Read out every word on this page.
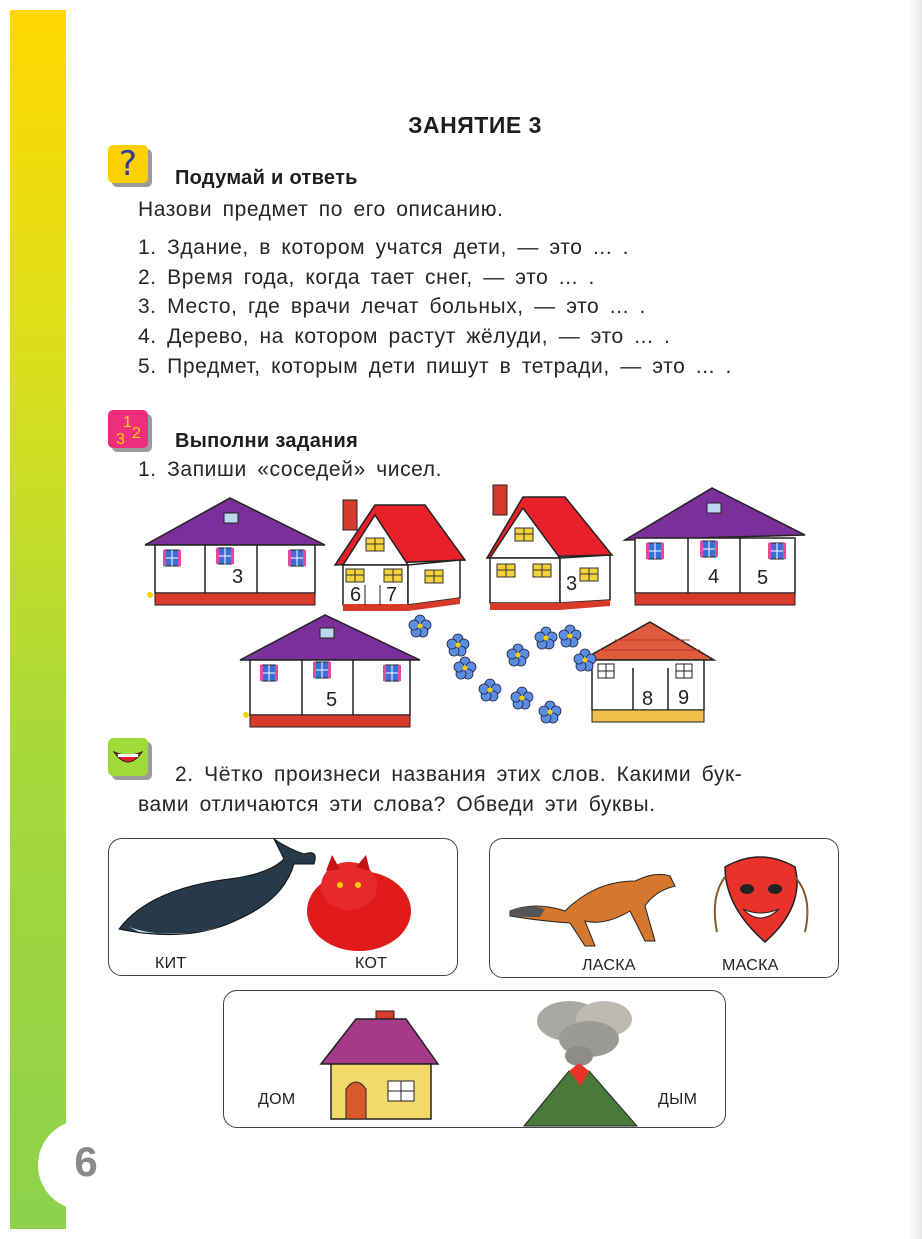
6
ЗАНЯТИЕ 3
?	Подумай и ответь
Назови предмет по его описанию.
1. Здание, в котором учатся дети, — это ... .
2. Время года, когда тает снег, — это ... .
3. Место, где врачи лечат больных, — это ... .
4. Дерево, на котором растут жёлуди, — это ... .
5. Предмет, которым дети пишут в тетради, — это ... .
3
1
2 Выполни задания
1. Запиши «соседей» чисел.
3
6 7	3	4 5
5	8 9
2. Чётко произнеси названия этих слов. Какими бук-
вами отличаются эти слова? Обведи эти буквы.
КИТ	КОТ	ЛАСКА	МАСКА
ДОМ	ДЫМ
